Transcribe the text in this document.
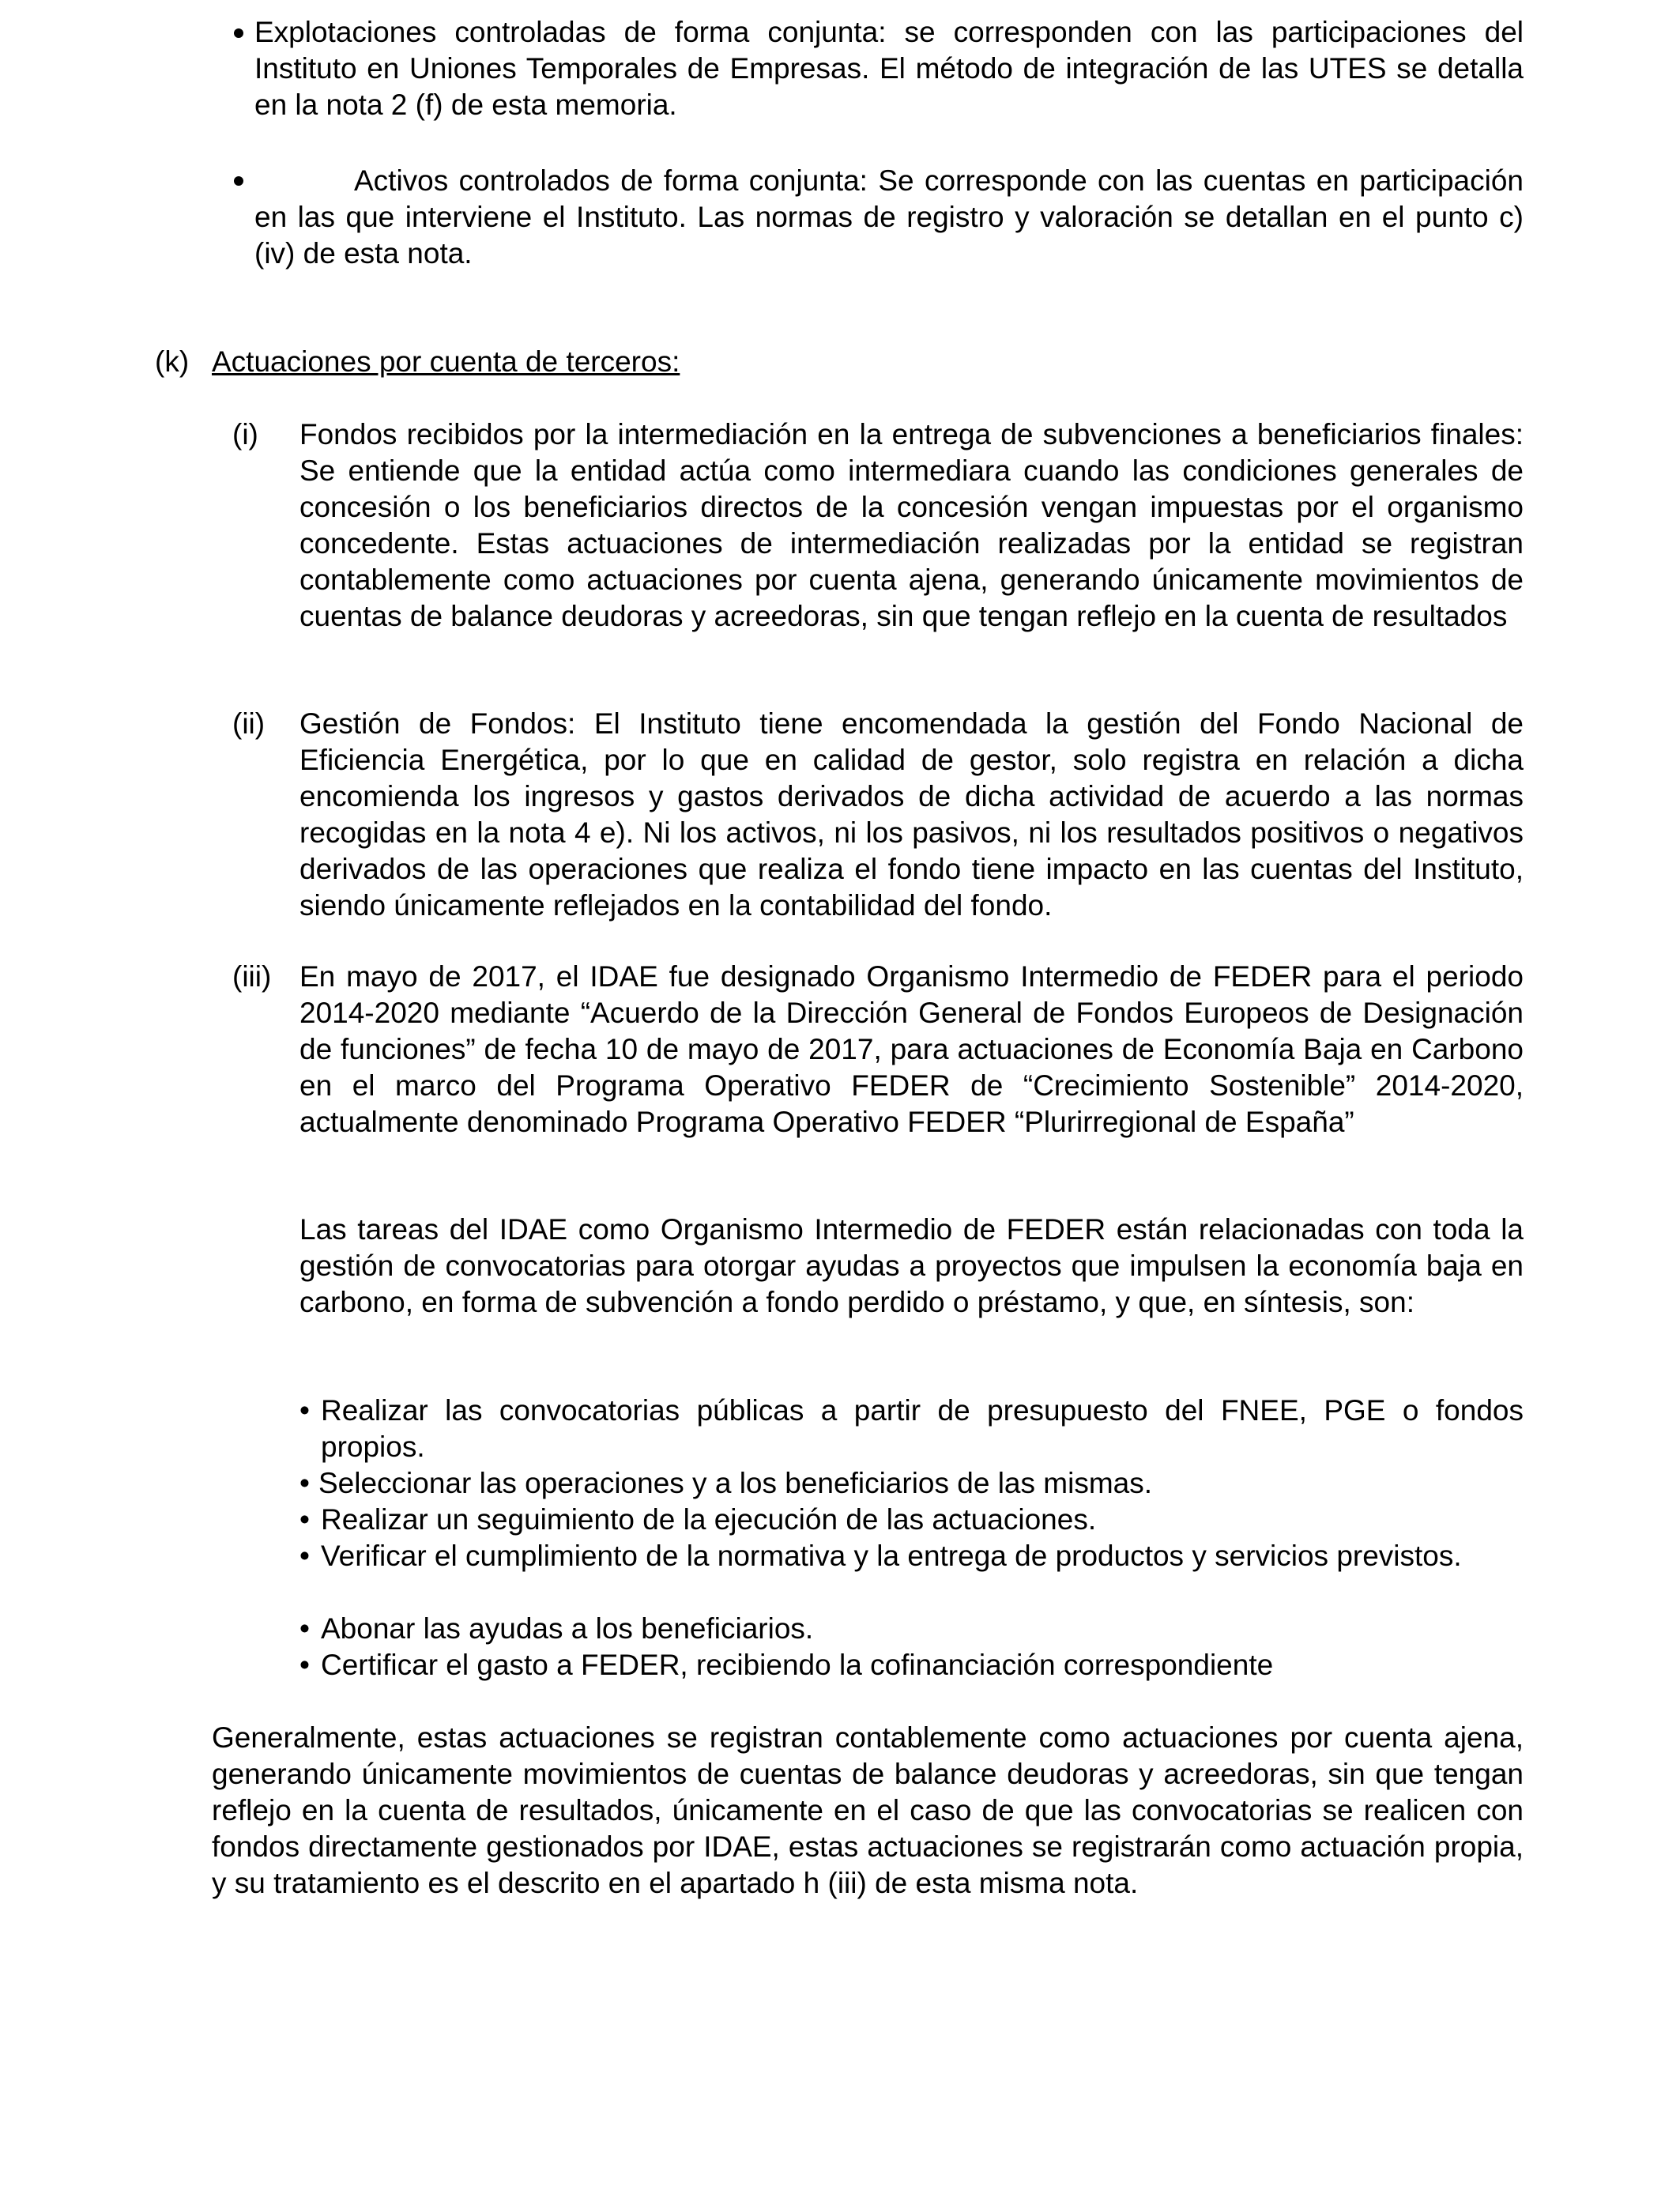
Explotaciones controladas de forma conjunta: se corresponden con las participaciones del Instituto en Uniones Temporales de Empresas. El método de integración de las UTES se detalla en la nota 2 (f) de esta memoria.

Activos controlados de forma conjunta: Se corresponde con las cuentas en participación en las que interviene el Instituto. Las normas de registro y valoración se detallan en el punto c) (iv) de esta nota.

(k) Actuaciones por cuenta de terceros:
(i) Fondos recibidos por la intermediación en la entrega de subvenciones a beneficiarios finales: Se entiende que la entidad actúa como intermediara cuando las condiciones generales de concesión o los beneficiarios directos de la concesión vengan impuestas por el organismo concedente. Estas actuaciones de intermediación realizadas por la entidad se registran contablemente como actuaciones por cuenta ajena, generando únicamente movimientos de cuentas de balance deudoras y acreedoras, sin que tengan reflejo en la cuenta de resultados

(ii) Gestión de Fondos: El Instituto tiene encomendada la gestión del Fondo Nacional de Eficiencia Energética, por lo que en calidad de gestor, solo registra en relación a dicha encomienda los ingresos y gastos derivados de dicha actividad de acuerdo a las normas recogidas en la nota 4 e). Ni los activos, ni los pasivos, ni los resultados positivos o negativos derivados de las operaciones que realiza el fondo tiene impacto en las cuentas del Instituto, siendo únicamente reflejados en la contabilidad del fondo.

(iii) En mayo de 2017, el IDAE fue designado Organismo Intermedio de FEDER para el periodo 2014-2020 mediante “Acuerdo de la Dirección General de Fondos Europeos de Designación de funciones” de fecha 10 de mayo de 2017, para actuaciones de Economía Baja en Carbono en el marco del Programa Operativo FEDER de “Crecimiento Sostenible” 2014-2020, actualmente denominado Programa Operativo FEDER “Plurirregional de España”

Las tareas del IDAE como Organismo Intermedio de FEDER están relacionadas con toda la gestión de convocatorias para otorgar ayudas a proyectos que impulsen la economía baja en carbono, en forma de subvención a fondo perdido o préstamo, y que, en síntesis, son:

• Realizar las convocatorias públicas a partir de presupuesto del FNEE, PGE o fondos propios.

• Seleccionar las operaciones y a los beneficiarios de las mismas.

• Realizar un seguimiento de la ejecución de las actuaciones.

• Verificar el cumplimiento de la normativa y la entrega de productos y servicios previstos.

• Abonar las ayudas a los beneficiarios.

• Certificar el gasto a FEDER, recibiendo la cofinanciación correspondiente

Generalmente, estas actuaciones se registran contablemente como actuaciones por cuenta ajena, generando únicamente movimientos de cuentas de balance deudoras y acreedoras, sin que tengan reflejo en la cuenta de resultados, únicamente en el caso de que las convocatorias se realicen con fondos directamente gestionados por IDAE, estas actuaciones se registrarán como actuación propia, y su tratamiento es el descrito en el apartado h (iii) de esta misma nota.
